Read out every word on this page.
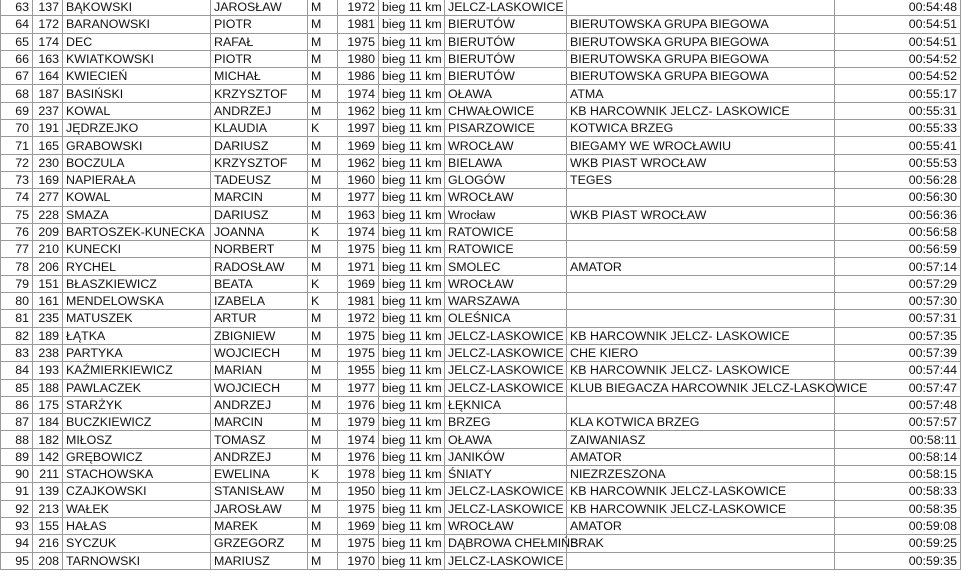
63	137	BĄKOWSKI	JAROSŁAW	M	1972	bieg 11 km	JELCZ-LASKOWICE		00:54:48
64	172	BARANOWSKI	PIOTR	M	1981	bieg 11 km	BIERUTÓW	BIERUTOWSKA GRUPA BIEGOWA	00:54:51
65	174	DEC	RAFAŁ	M	1975	bieg 11 km	BIERUTÓW	BIERUTOWSKA GRUPA BIEGOWA	00:54:51
66	163	KWIATKOWSKI	PIOTR	M	1980	bieg 11 km	BIERUTÓW	BIERUTOWSKA GRUPA BIEGOWA	00:54:52
67	164	KWIECIEŃ	MICHAŁ	M	1986	bieg 11 km	BIERUTÓW	BIERUTOWSKA GRUPA BIEGOWA	00:54:52
68	187	BASIŃSKI	KRZYSZTOF	M	1974	bieg 11 km	OŁAWA	ATMA	00:55:17
69	237	KOWAL	ANDRZEJ	M	1962	bieg 11 km	CHWAŁOWICE	KB HARCOWNIK JELCZ- LASKOWICE	00:55:31
70	191	JĘDRZEJKO	KLAUDIA	K	1997	bieg 11 km	PISARZOWICE	KOTWICA BRZEG	00:55:33
71	165	GRABOWSKI	DARIUSZ	M	1969	bieg 11 km	WROCŁAW	BIEGAMY WE WROCŁAWIU	00:55:41
72	230	BOCZULA	KRZYSZTOF	M	1962	bieg 11 km	BIELAWA	WKB PIAST WROCŁAW	00:55:53
73	169	NAPIERAŁA	TADEUSZ	M	1960	bieg 11 km	GLOGÓW	TEGES	00:56:28
74	277	KOWAL	MARCIN	M	1977	bieg 11 km	WROCŁAW		00:56:30
75	228	SMAZA	DARIUSZ	M	1963	bieg 11 km	Wrocław	WKB PIAST WROCŁAW	00:56:36
76	209	BARTOSZEK-KUNECKA	JOANNA	K	1974	bieg 11 km	RATOWICE		00:56:58
77	210	KUNECKI	NORBERT	M	1975	bieg 11 km	RATOWICE		00:56:59
78	206	RYCHEL	RADOSŁAW	M	1971	bieg 11 km	SMOLEC	AMATOR	00:57:14
79	151	BŁASZKIEWICZ	BEATA	K	1969	bieg 11 km	WROCŁAW		00:57:29
80	161	MENDELOWSKA	IZABELA	K	1981	bieg 11 km	WARSZAWA		00:57:30
81	235	MATUSZEK	ARTUR	M	1972	bieg 11 km	OLEŚNICA		00:57:31
82	189	ŁĄTKA	ZBIGNIEW	M	1975	bieg 11 km	JELCZ-LASKOWICE	KB HARCOWNIK JELCZ- LASKOWICE	00:57:35
83	238	PARTYKA	WOJCIECH	M	1975	bieg 11 km	JELCZ-LASKOWICE	CHE KIERO	00:57:39
84	193	KAŹMIERKIEWICZ	MARIAN	M	1955	bieg 11 km	JELCZ-LASKOWICE	KB HARCOWNIK JELCZ- LASKOWICE	00:57:44
85	188	PAWLACZEK	WOJCIECH	M	1977	bieg 11 km	JELCZ-LASKOWICE	KLUB BIEGACZA HARCOWNIK JELCZ-LASKOWICE	00:57:47
86	175	STARŻYK	ANDRZEJ	M	1976	bieg 11 km	ŁĘKNICA		00:57:48
87	184	BUCZKIEWICZ	MARCIN	M	1979	bieg 11 km	BRZEG	KLA KOTWICA BRZEG	00:57:57
88	182	MIŁOSZ	TOMASZ	M	1974	bieg 11 km	OŁAWA	ZAIWANIASZ	00:58:11
89	142	GRĘBOWICZ	ANDRZEJ	M	1976	bieg 11 km	JANIKÓW	AMATOR	00:58:14
90	211	STACHOWSKA	EWELINA	K	1978	bieg 11 km	ŚNIATY	NIEZRZESZONA	00:58:15
91	139	CZAJKOWSKI	STANISŁAW	M	1950	bieg 11 km	JELCZ-LASKOWICE	KB HARCOWNIK JELCZ-LASKOWICE	00:58:33
92	213	WAŁEK	JAROSŁAW	M	1975	bieg 11 km	JELCZ-LASKOWICE	KB HARCOWNIK JELCZ-LASKOWICE	00:58:35
93	155	HAŁAS	MAREK	M	1969	bieg 11 km	WROCŁAW	AMATOR	00:59:08
94	216	SYCZUK	GRZEGORZ	M	1975	bieg 11 km	DĄBROWA CHEŁMIŃS	BRAK	00:59:25
95	208	TARNOWSKI	MARIUSZ	M	1970	bieg 11 km	JELCZ-LASKOWICE		00:59:35
